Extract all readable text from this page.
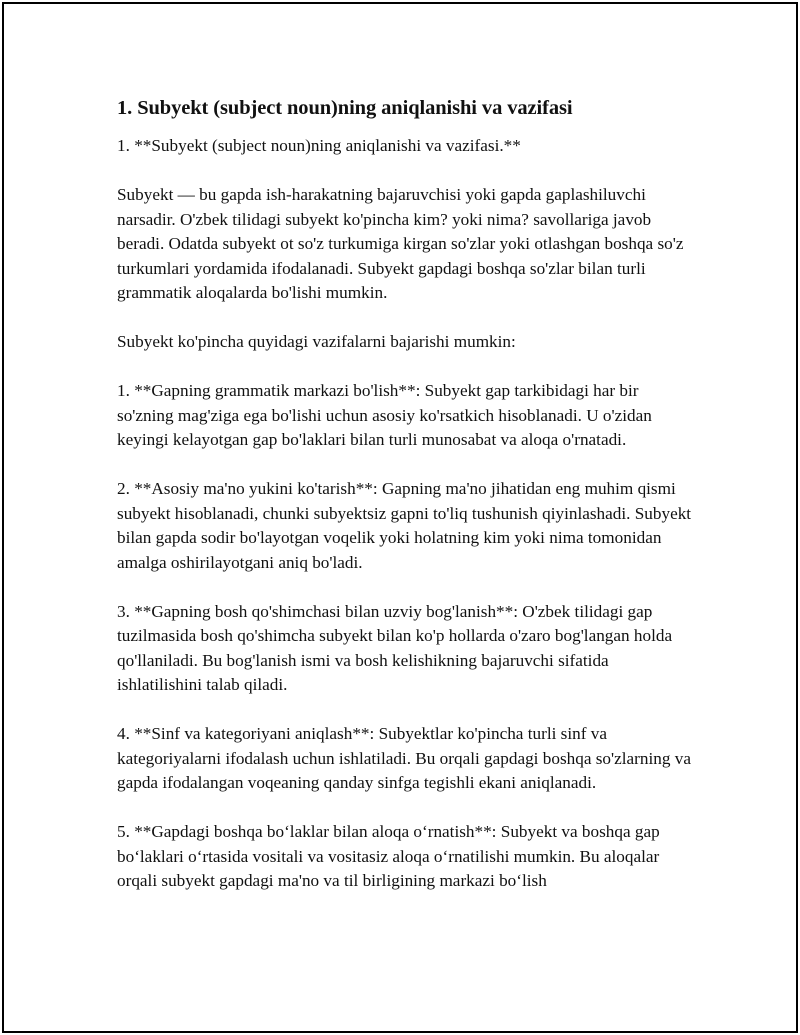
1. Subyekt (subject noun)ning aniqlanishi va vazifasi

1. **Subyekt (subject noun)ning aniqlanishi va vazifasi.**

Subyekt — bu gapda ish-harakatning bajaruvchisi yoki gapda gaplashiluvchi narsadir. O'zbek tilidagi subyekt ko'pincha kim? yoki nima? savollariga javob beradi. Odatda subyekt ot so'z turkumiga kirgan so'zlar yoki otlashgan boshqa so'z turkumlari yordamida ifodalanadi. Subyekt gapdagi boshqa so'zlar bilan turli grammatik aloqalarda bo'lishi mumkin.

Subyekt ko'pincha quyidagi vazifalarni bajarishi mumkin:

1. **Gapning grammatik markazi bo'lish**: Subyekt gap tarkibidagi har bir so'zning mag'ziga ega bo'lishi uchun asosiy ko'rsatkich hisoblanadi. U o'zidan keyingi kelayotgan gap bo'laklari bilan turli munosabat va aloqa o'rnatadi.

2. **Asosiy ma'no yukini ko'tarish**: Gapning ma'no jihatidan eng muhim qismi subyekt hisoblanadi, chunki subyektsiz gapni to'liq tushunish qiyinlashadi. Subyekt bilan gapda sodir bo'layotgan voqelik yoki holatning kim yoki nima tomonidan amalga oshirilayotgani aniq bo'ladi.

3. **Gapning bosh qo'shimchasi bilan uzviy bog'lanish**: O'zbek tilidagi gap tuzilmasida bosh qo'shimcha subyekt bilan ko'p hollarda o'zaro bog'langan holda qo'llaniladi. Bu bog'lanish ismi va bosh kelishikning bajaruvchi sifatida ishlatilishini talab qiladi.

4. **Sinf va kategoriyani aniqlash**: Subyektlar ko'pincha turli sinf va kategoriyalarni ifodalash uchun ishlatiladi. Bu orqali gapdagi boshqa so'zlarning va gapda ifodalangan voqeaning qanday sinfga tegishli ekani aniqlanadi.

5. **Gapdagi boshqa bo‘laklar bilan aloqa o‘rnatish**: Subyekt va boshqa gap bo‘laklari o‘rtasida vositali va vositasiz aloqa o‘rnatilishi mumkin. Bu aloqalar orqali subyekt gapdagi ma'no va til birligining markazi bo‘lish
